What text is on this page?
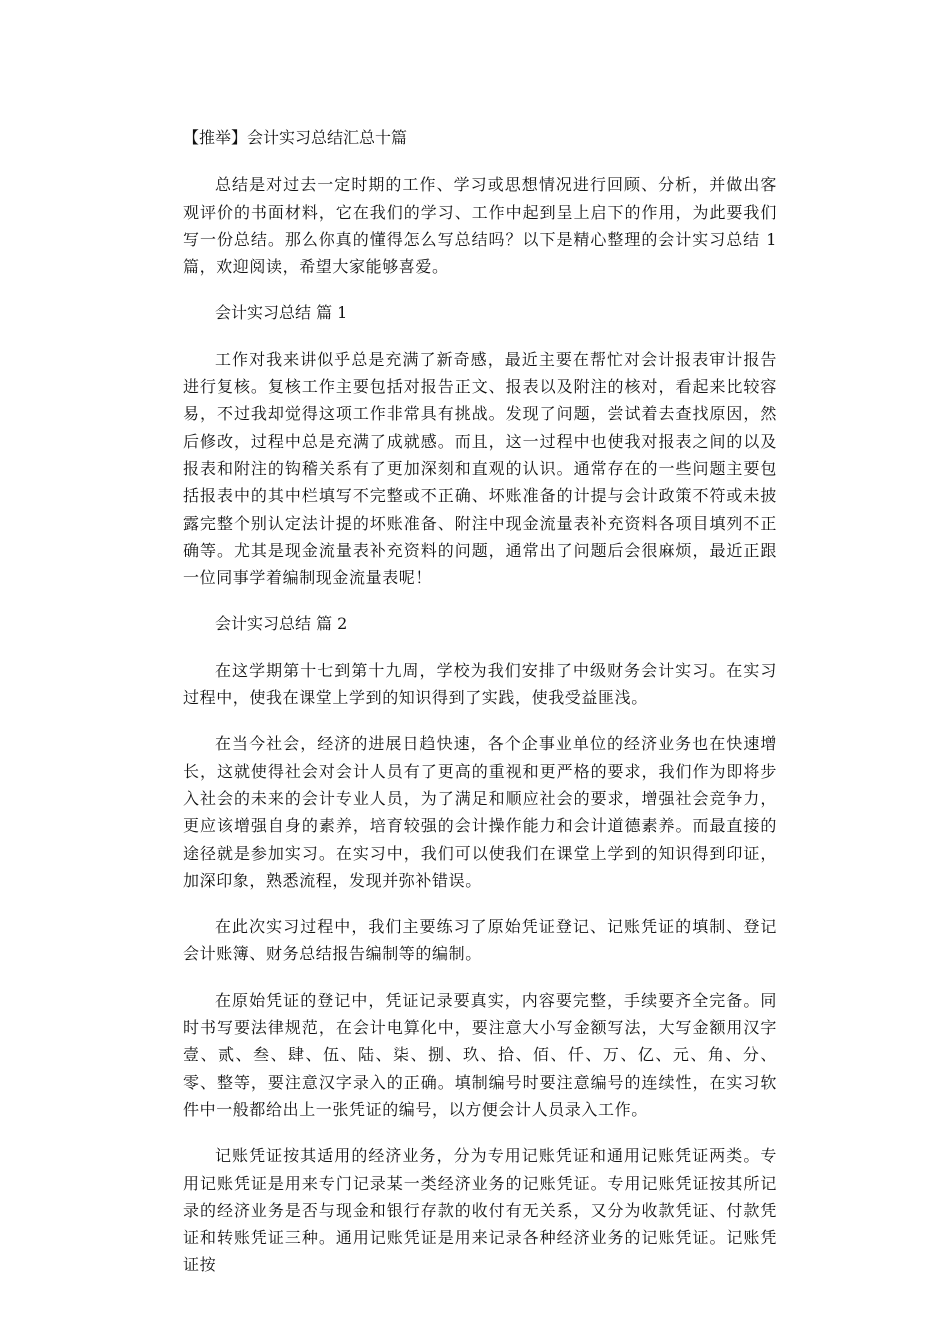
【推举】会计实习总结汇总十篇

总结是对过去一定时期的工作、学习或思想情况进行回顾、分析，并做出客观评价的书面材料，它在我们的学习、工作中起到呈上启下的作用，为此要我们写一份总结。那么你真的懂得怎么写总结吗？以下是精心整理的会计实习总结 1 篇，欢迎阅读，希望大家能够喜爱。

会计实习总结 篇 1

工作对我来讲似乎总是充满了新奇感，最近主要在帮忙对会计报表审计报告进行复核。复核工作主要包括对报告正文、报表以及附注的核对，看起来比较容易，不过我却觉得这项工作非常具有挑战。发现了问题，尝试着去查找原因，然后修改，过程中总是充满了成就感。而且，这一过程中也使我对报表之间的以及报表和附注的钩稽关系有了更加深刻和直观的认识。通常存在的一些问题主要包括报表中的其中栏填写不完整或不正确、坏账准备的计提与会计政策不符或未披露完整个别认定法计提的坏账准备、附注中现金流量表补充资料各项目填列不正确等。尤其是现金流量表补充资料的问题，通常出了问题后会很麻烦，最近正跟一位同事学着编制现金流量表呢！

会计实习总结 篇 2

在这学期第十七到第十九周，学校为我们安排了中级财务会计实习。在实习过程中，使我在课堂上学到的知识得到了实践，使我受益匪浅。

在当今社会，经济的进展日趋快速，各个企事业单位的经济业务也在快速增长，这就使得社会对会计人员有了更高的重视和更严格的要求，我们作为即将步入社会的未来的会计专业人员，为了满足和顺应社会的要求，增强社会竞争力，更应该增强自身的素养，培育较强的会计操作能力和会计道德素养。而最直接的途径就是参加实习。在实习中，我们可以使我们在课堂上学到的知识得到印证，加深印象，熟悉流程，发现并弥补错误。

在此次实习过程中，我们主要练习了原始凭证登记、记账凭证的填制、登记会计账簿、财务总结报告编制等的编制。

在原始凭证的登记中，凭证记录要真实，内容要完整，手续要齐全完备。同时书写要法律规范，在会计电算化中，要注意大小写金额写法，大写金额用汉字壹、贰、叁、肆、伍、陆、柒、捌、玖、拾、佰、仟、万、亿、元、角、分、零、整等，要注意汉字录入的正确。填制编号时要注意编号的连续性，在实习软件中一般都给出上一张凭证的编号，以方便会计人员录入工作。

记账凭证按其适用的经济业务，分为专用记账凭证和通用记账凭证两类。专用记账凭证是用来专门记录某一类经济业务的记账凭证。专用记账凭证按其所记录的经济业务是否与现金和银行存款的收付有无关系，又分为收款凭证、付款凭证和转账凭证三种。通用记账凭证是用来记录各种经济业务的记账凭证。记账凭证按
